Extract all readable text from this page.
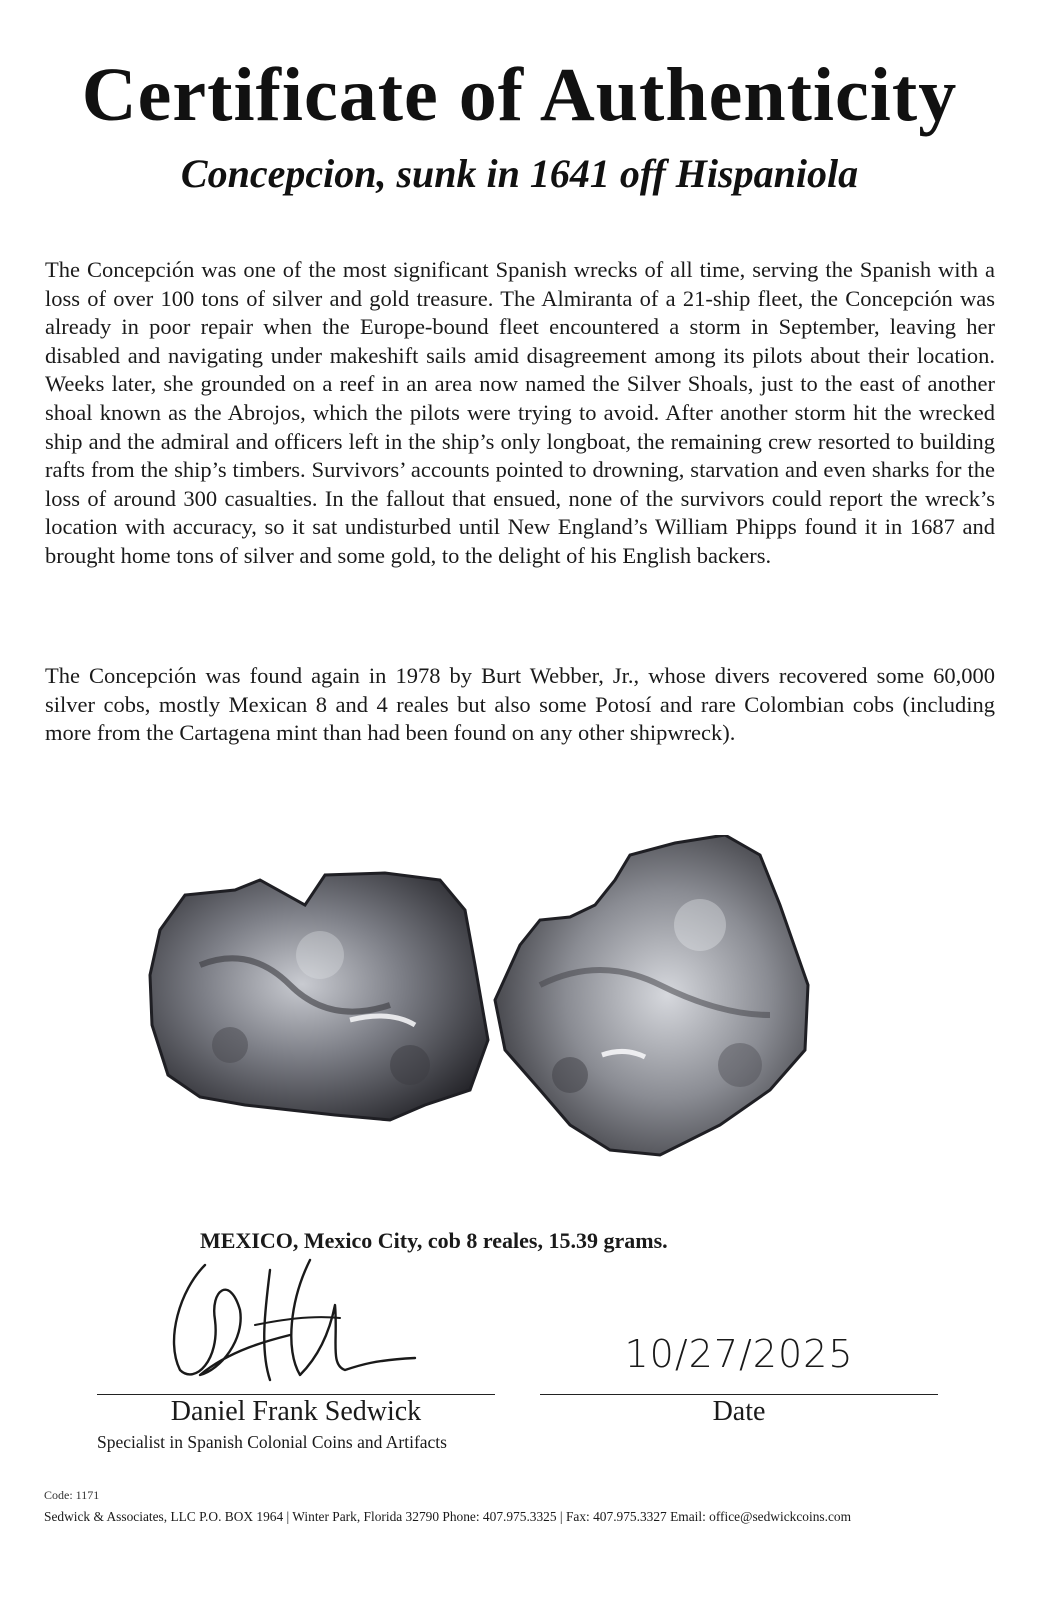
Certificate of Authenticity
Concepcion, sunk in 1641 off Hispaniola

The Concepción was one of the most significant Spanish wrecks of all time, serving the Spanish with a loss of over 100 tons of silver and gold treasure. The Almiranta of a 21-ship fleet, the Concepción was already in poor repair when the Europe-bound fleet encountered a storm in September, leaving her disabled and navigating under makeshift sails amid disagreement among its pilots about their location. Weeks later, she grounded on a reef in an area now named the Silver Shoals, just to the east of another shoal known as the Abrojos, which the pilots were trying to avoid. After another storm hit the wrecked ship and the admiral and officers left in the ship’s only longboat, the remaining crew resorted to building rafts from the ship’s timbers. Survivors’ accounts pointed to drowning, starvation and even sharks for the loss of around 300 casualties. In the fallout that ensued, none of the survivors could report the wreck’s location with accuracy, so it sat undisturbed until New England’s William Phipps found it in 1687 and brought home tons of silver and some gold, to the delight of his English backers.

The Concepción was found again in 1978 by Burt Webber, Jr., whose divers recovered some 60,000 silver cobs, mostly Mexican 8 and 4 reales but also some Potosí and rare Colombian cobs (including more from the Cartagena mint than had been found on any other shipwreck).

MEXICO, Mexico City, cob 8 reales, 15.39 grams.
10/27/2025
Daniel Frank Sedwick
Specialist in Spanish Colonial Coins and Artifacts
Date
Code: 1171
Sedwick & Associates, LLC P.O. BOX 1964 | Winter Park, Florida 32790 Phone: 407.975.3325 | Fax: 407.975.3327 Email: office@sedwickcoins.com
